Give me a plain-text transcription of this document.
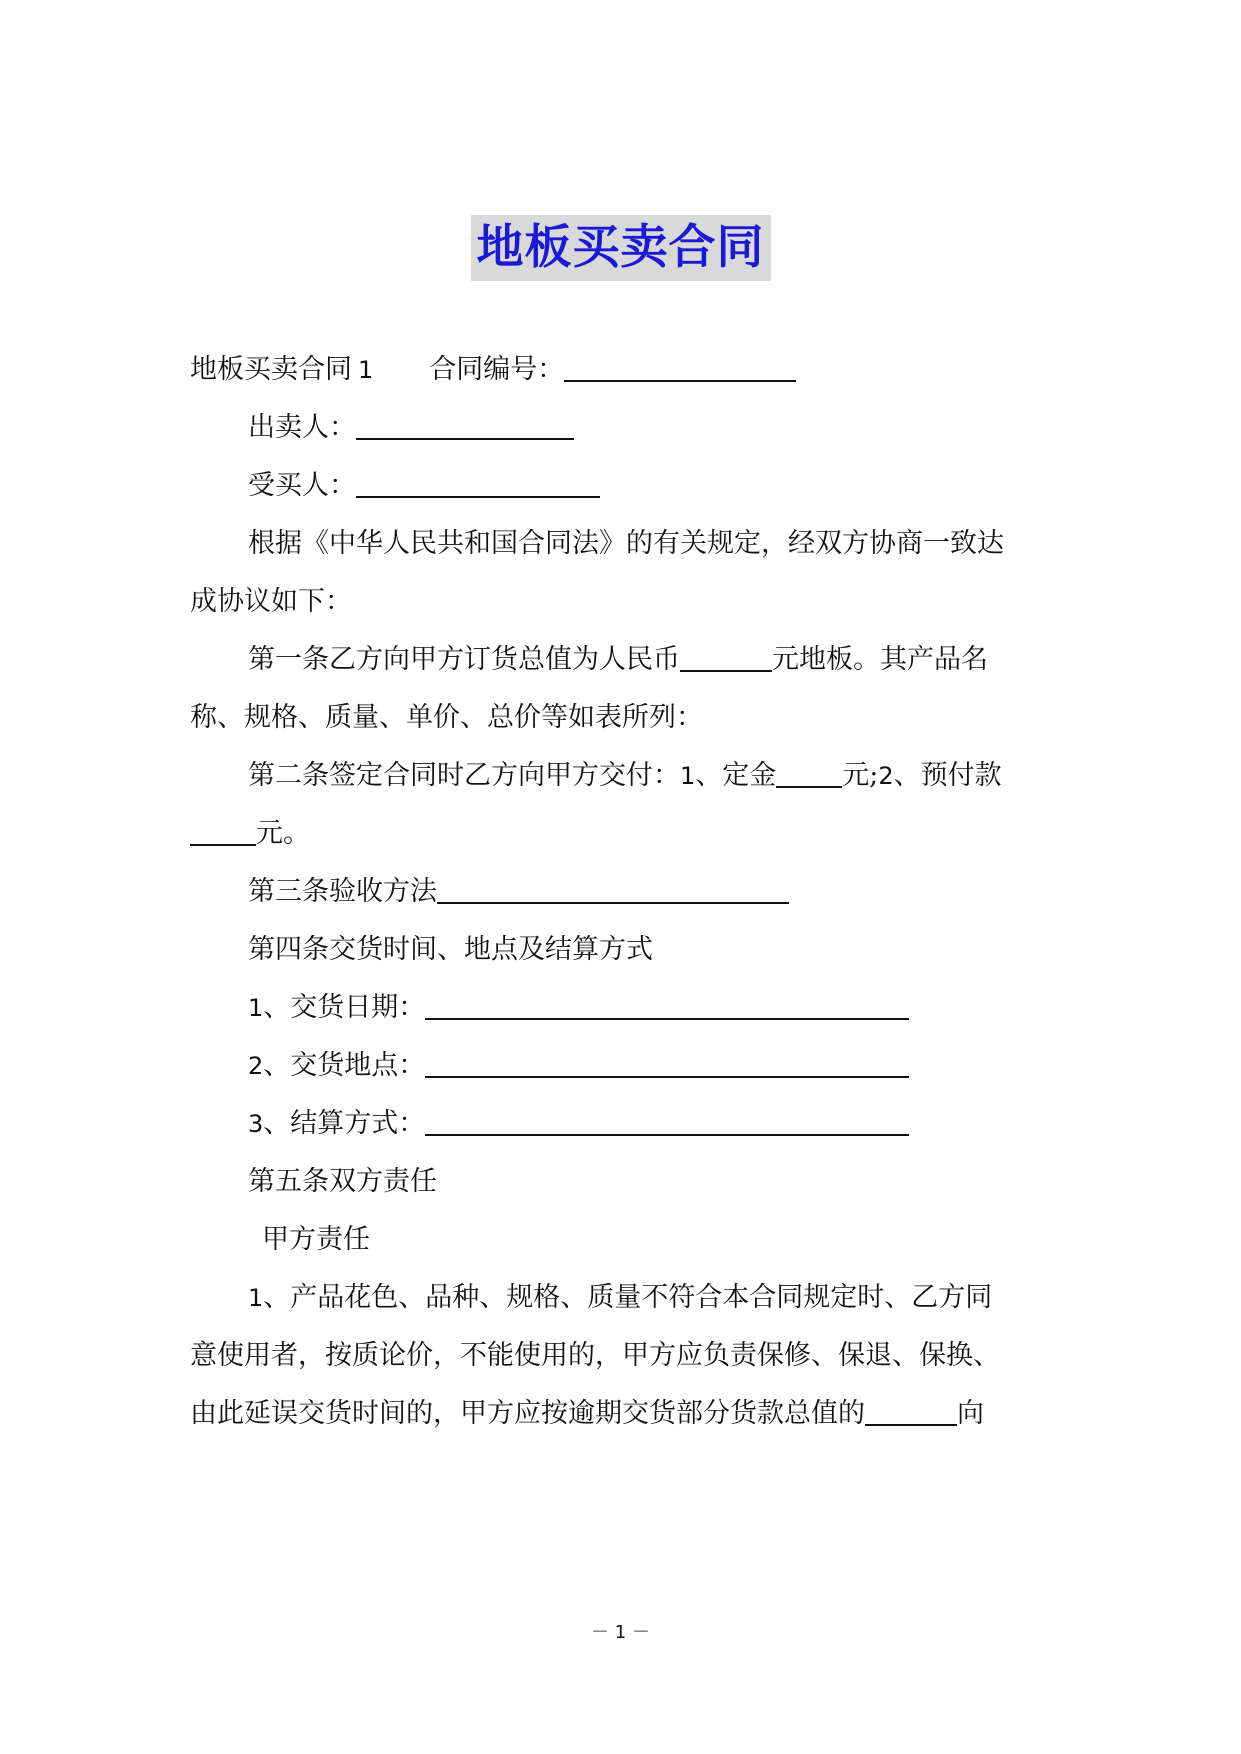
地板买卖合同
地板买卖合同 1 合同编号：
出卖人：
受买人：
根据《中华人民共和国合同法》的有关规定，经双方协商一致达
成协议如下：
第一条乙方向甲方订货总值为人民币	元地板。其产品名
称、规格、质量、单价、总价等如表所列：
第二条签定合同时乙方向甲方交付：1、定金 元;2、预付款
元。
第三条验收方法
第四条交货时间、地点及结算方式
1、交货日期：
2、交货地点：
3、结算方式：
第五条双方责任
甲方责任
1、产品花色、品种、规格、质量不符合本合同规定时、乙方同
意使用者，按质论价，不能使用的，甲方应负责保修、保退、保换、
由此延误交货时间的，甲方应按逾期交货部分货款总值的	向
－ 1 －
